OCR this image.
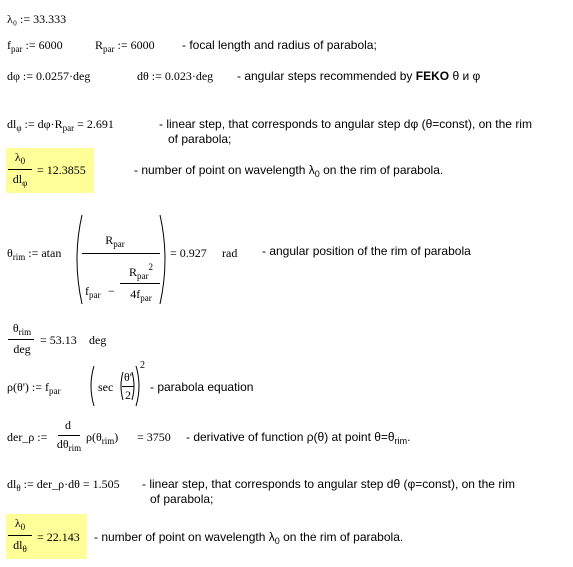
λ₀ := 33.333
$f_{par}$ := 6000	$R_{par}$ := 6000 - focal length and radius of parabola;
dφ := 0.0257·deg	dθ := 0.023·deg - angular steps recommended by FEKO θ и φ
$dl_\varphi$ := $d\varphi\cdot R_{par} = 2.691$	- linear step, that corresponds to angular step dφ (θ=const), on the rim
of parabola;
$\lambda_0$
$dl_\varphi$
= 12.3855	- number of point on wavelength $\lambda_0$ on the rim of parabola.
$\theta_{rim}$ := atan
$R_{par}$
$f_{par}$ −
$R_{par}^2$
$4f_{par}$
= 0.927 rad - angular position of the rim of parabola
$\theta_{rim}$
deg
= 53.13 deg
ρ(θ') := $f_{par}$	sec
θ'
2
2
- parabola equation
der_ρ :=
d
$d\theta_{rim}$
$\rho(\theta_{rim}) = 3750$ - derivative of function ρ(θ) at point $\theta=\theta_{rim}$.
$dl_\theta$ := der_ρ·dθ = 1.505 - linear step, that corresponds to angular step dθ (φ=const), on the rim
of parabola;
$\lambda_0$
$dl_\theta$
= 22.143 - number of point on wavelength $\lambda_0$ on the rim of parabola.
